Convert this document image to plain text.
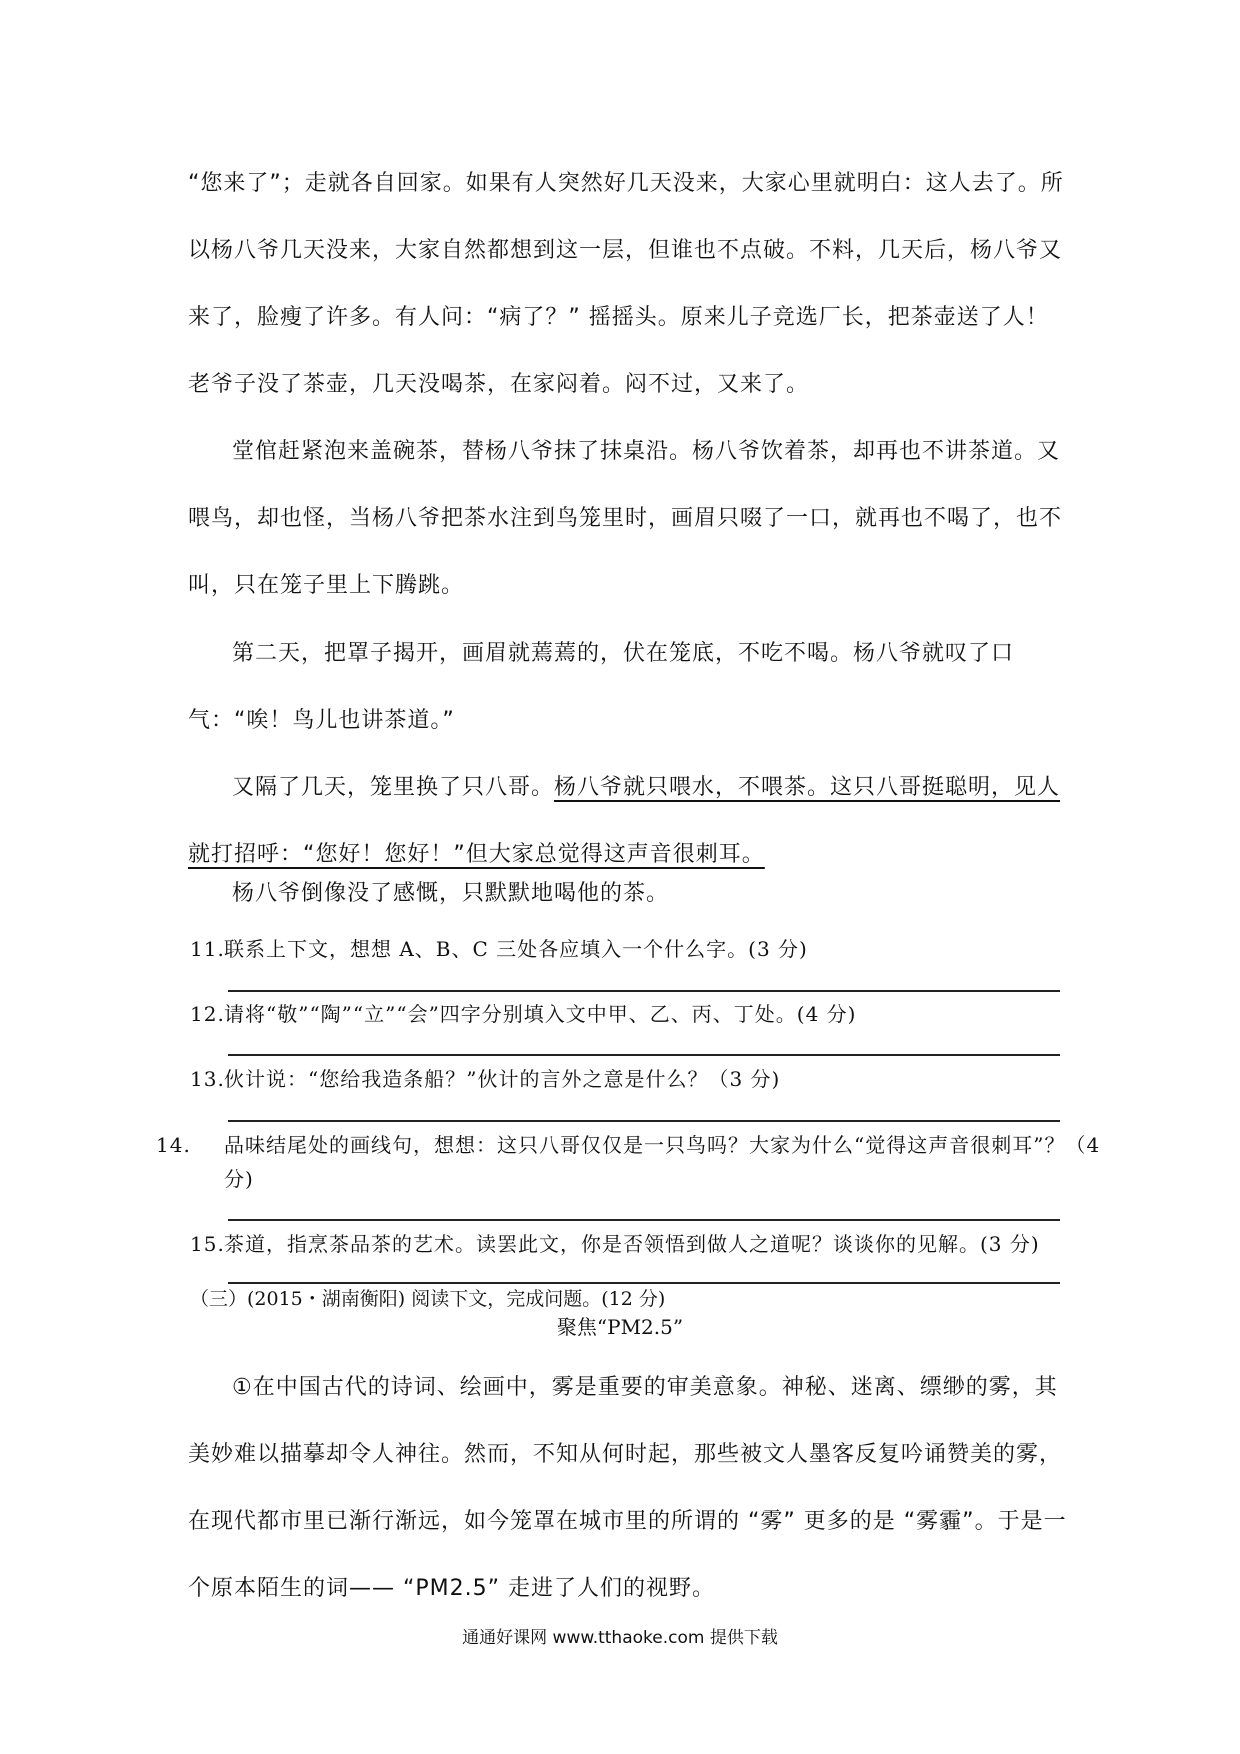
“您来了”；走就各自回家。如果有人突然好几天没来，大家心里就明白：这人去了。所以杨八爷几天没来，大家自然都想到这一层，但谁也不点破。不料，几天后，杨八爷又来了，脸瘦了许多。有人问：“病了？” 摇摇头。原来儿子竞选厂长，把茶壶送了人！老爷子没了茶壶，几天没喝茶，在家闷着。闷不过，又来了。

堂倌赶紧泡来盖碗茶，替杨八爷抹了抹桌沿。杨八爷饮着茶，却再也不讲茶道。又喂鸟，却也怪，当杨八爷把茶水注到鸟笼里时，画眉只啜了一口，就再也不喝了，也不叫，只在笼子里上下腾跳。

第二天，把罩子揭开，画眉就蔫蔫的，伏在笼底，不吃不喝。杨八爷就叹了口气：“唉！鸟儿也讲茶道。”

又隔了几天，笼里换了只八哥。杨八爷就只喂水，不喂茶。这只八哥挺聪明，见人就打招呼：“您好！您好！”但大家总觉得这声音很刺耳。

杨八爷倒像没了感慨，只默默地喝他的茶。

11.联系上下文，想想 A、B、C 三处各应填入一个什么字。(3 分)

12.请将“敬”“陶”“立”“会”四字分别填入文中甲、乙、丙、丁处。(4 分)

13.伙计说：“您给我造条船？”伙计的言外之意是什么？（3 分)

14. 品味结尾处的画线句，想想：这只八哥仅仅是一只鸟吗？大家为什么“觉得这声音很刺耳”？（4 分)

15.茶道，指烹茶品茶的艺术。读罢此文，你是否领悟到做人之道呢？谈谈你的见解。(3 分)

（三）(2015・湖南衡阳) 阅读下文，完成问题。(12 分)

聚焦“PM2.5”

①在中国古代的诗词、绘画中，雾是重要的审美意象。神秘、迷离、缥缈的雾，其美妙难以描摹却令人神往。然而，不知从何时起，那些被文人墨客反复吟诵赞美的雾，在现代都市里已渐行渐远，如今笼罩在城市里的所谓的 “雾” 更多的是 “雾霾”。于是一个原本陌生的词—— “PM2.5” 走进了人们的视野。

通通好课网 www.tthaoke.com 提供下载
